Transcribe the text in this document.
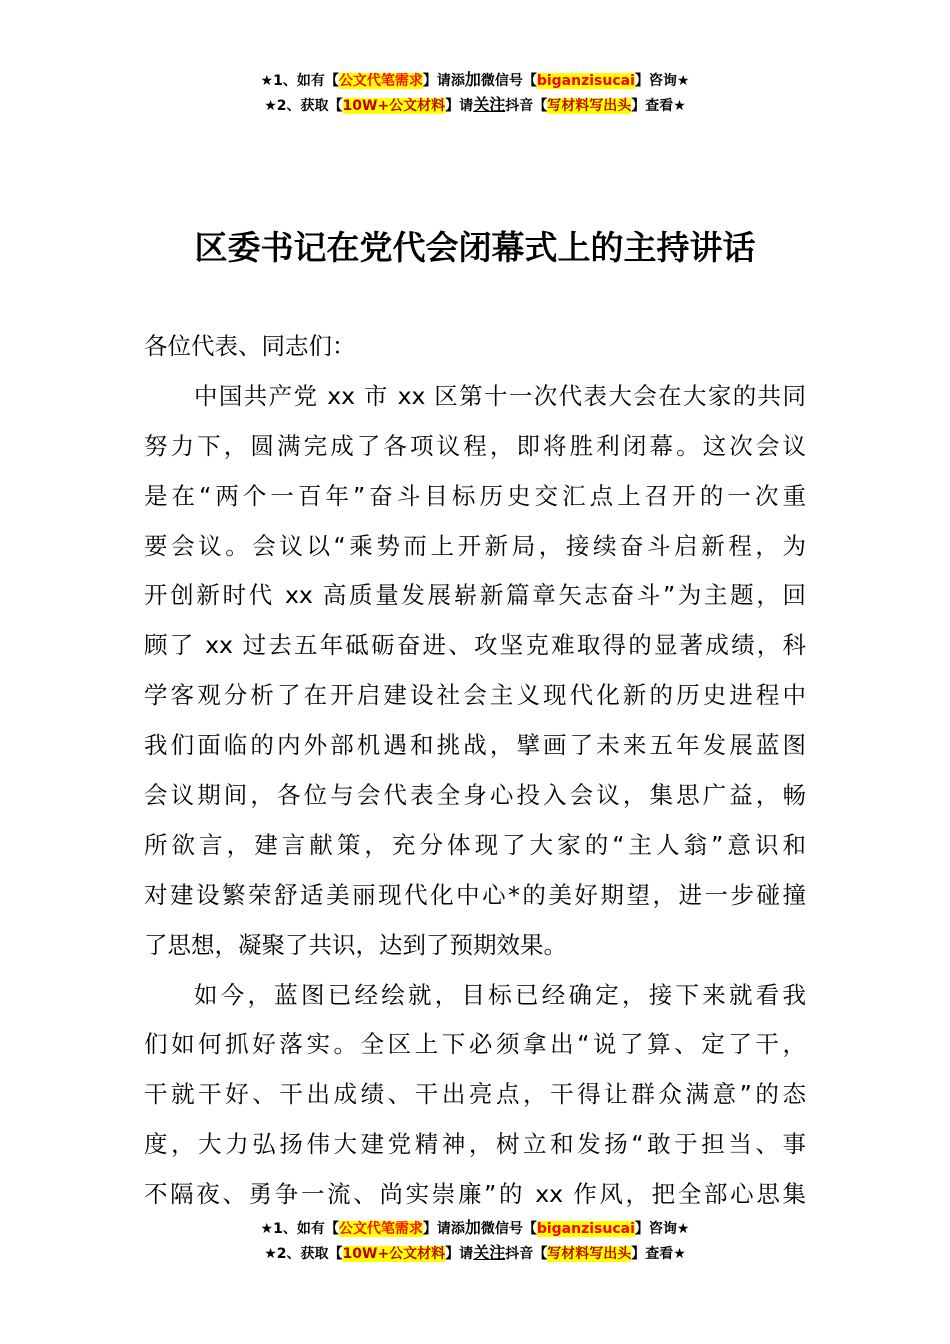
★1、如有【公文代笔需求】请添加微信号【biganzisucai】咨询★
★2、获取【10W+公文材料】请关注抖音【写材料写出头】查看★
区委书记在党代会闭幕式上的主持讲话
各位代表、同志们：
中国共产党 xx 市 xx 区第十一次代表大会在大家的共同
努力下，圆满完成了各项议程，即将胜利闭幕。这次会议
是在“两个一百年”奋斗目标历史交汇点上召开的一次重
要会议。会议以“乘势而上开新局，接续奋斗启新程，为
开创新时代 xx 高质量发展崭新篇章矢志奋斗”为主题，回
顾了 xx 过去五年砥砺奋进、攻坚克难取得的显著成绩，科
学客观分析了在开启建设社会主义现代化新的历史进程中
我们面临的内外部机遇和挑战，擘画了未来五年发展蓝图
会议期间，各位与会代表全身心投入会议，集思广益，畅
所欲言，建言献策，充分体现了大家的“主人翁”意识和
对建设繁荣舒适美丽现代化中心*的美好期望，进一步碰撞
了思想，凝聚了共识，达到了预期效果。
如今，蓝图已经绘就，目标已经确定，接下来就看我
们如何抓好落实。全区上下必须拿出“说了算、定了干，
干就干好、干出成绩、干出亮点，干得让群众满意”的态
度，大力弘扬伟大建党精神，树立和发扬“敢于担当、事
不隔夜、勇争一流、尚实崇廉”的 xx 作风，把全部心思集
★1、如有【公文代笔需求】请添加微信号【biganzisucai】咨询★
★2、获取【10W+公文材料】请关注抖音【写材料写出头】查看★
